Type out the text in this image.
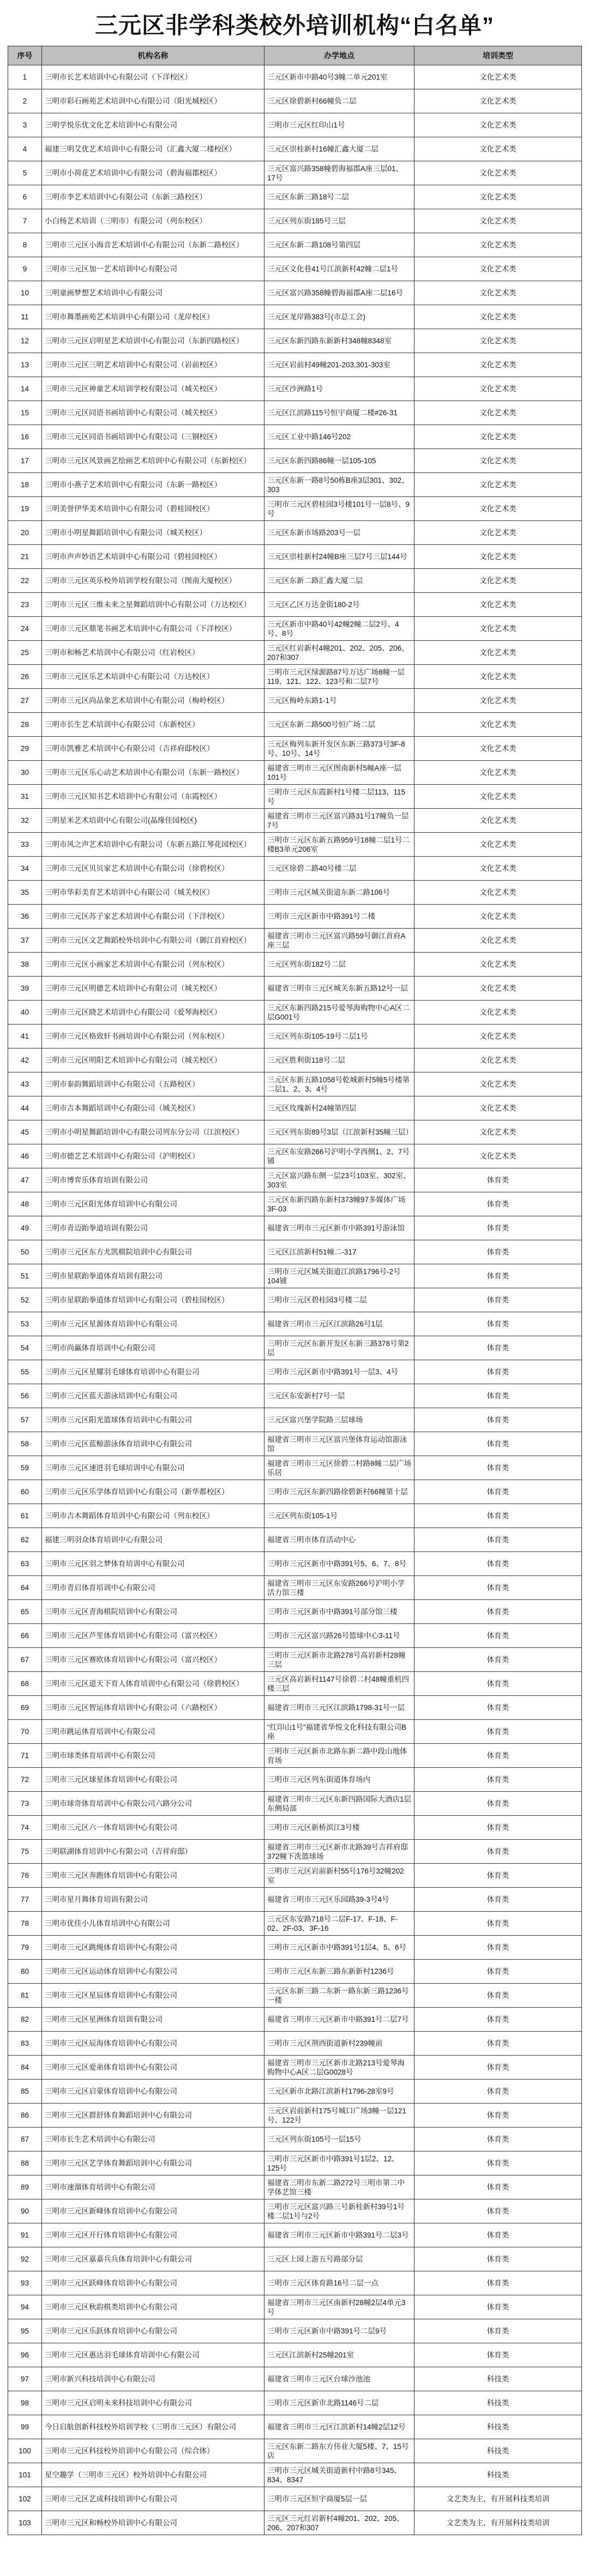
三元区非学科类校外培训机构“白名单”
序号	机构名称	办学地点	培训类型
1	三明市长艺术培训中心有限公司（下洋校区）	三元区新市中路40号3幢二单元201室	文化艺术类
2	三明市彩石画苑艺术培训中心有限公司（阳光城校区）	三元区徐碧新村66幢负二层	文化艺术类
3	三明学悦乐优文化艺术培训中心有限公司	三明市三元区红印山1号	文化艺术类
4	福建三明艾优艺术培训中心有限公司（汇鑫大厦二楼校区）	三元区崇桂新村16幢汇鑫大厦二层	文化艺术类
5	三明市小荷花艺术培训中心有限公司（碧海福郡校区）	三元区富兴路358幢碧海福郡A座三层01、17号	文化艺术类
6	三明市李艺术培训中心有限公司（东新三路校区）	三元区东新三路18号二层	文化艺术类
7	小白杨艺术培训（三明市）有限公司（列东校区）	三元区列东街185号三层	文化艺术类
8	三明市三元区小海音艺术培训中心有限公司（东新二路校区）	三元区东新二路108号第四层	文化艺术类
9	三明市三元区加一艺术培训中心有限公司	三元区文化巷41号江滨新村42幢二层1号	文化艺术类
10	三明童画梦想艺术培训中心有限公司	三元区富兴路358幢碧海福郡A座二层16号	文化艺术类
11	三明市舞墨画苑艺术培训中心有限公司（龙岸校区）	三元区龙岸路383号(市总工会)	文化艺术类
12	三明市三元区启明星艺术培训中心有限公司（东新四路校区）	三元区东新四路东新新村348幢8348室	文化艺术类
13	三明市三元区三明艺术培训中心有限公司（岩前校区）	三元区岩前村49幢201-203,301-303室	文化艺术类
14	三明市三元区神童艺术培训学校有限公司（城关校区）	三元区沙洲路1号	文化艺术类
15	三明市三元区同语书画培训中心有限公司（城关校区）	三元区江滨路115号恒宇商厦二楼#26-31	文化艺术类
16	三明市三元区同语书画培训中心有限公司（三钢校区）	三元区工业中路146号202	文化艺术类
17	三明市三元区风景画艺绘画艺术培训中心有限公司（东新校区）	三元区东新四路86幢一层105-105	文化艺术类
18	三明市小燕子艺术培训中心有限公司（东新一路校区）	三元区东新一路8号50栋B座3层301、302、303	文化艺术类
19	三明美誉伊华美术培训中心有限公司（碧桂园校区）	三明市三元区碧桂园3号楼101号一层8号、9号	文化艺术类
20	三明市小明星舞蹈培训中心有限公司（城关校区）	三元区东新市场路203号一层	文化艺术类
21	三明市声声妙语艺术培训中心有限公司（碧桂园校区）	三元区崇桂新村24幢B座三层7号三层144号	文化艺术类
22	三明市三元区英乐校外培训学校有限公司（图南大厦校区）	三元区东新二路汇鑫大厦二层	文化艺术类
23	三明市三元区三维未来之星舞蹈培训中心有限公司（万达校区）	三元区乙区万达金街180-2号	文化艺术类
24	三明市三元区鼎笔书画艺术培训中心有限公司（下洋校区）	三元区新市中路40号42幢2幢二层2号、4号、8号	文化艺术类
25	三明市和畅艺术培训中心有限公司（红岩校区）	三元区红岩新村4幢201、202、205、206、207和307	文化艺术类
26	三明市三元区乐艺术培训中心有限公司（万达校区）	三明市三元区绿源路87号万达广场8幢一层119、121、122、123号和二层7号	文化艺术类
27	三明市三元区尚品象艺术培训中心有限公司（梅岭校区）	三元区梅岭东路1-1号	文化艺术类
28	三明市长生艺术培训中心有限公司（东新校区）	三元区东新二路500号恒广场二层	文化艺术类
29	三明市凯雅艺术培训中心有限公司（吉祥府邸校区）	三元区梅列东新开发区东新三路373号3F-8号、10号、14号	文化艺术类
30	三明市三元区乐心动艺术培训中心有限公司（东新一路校区）	福建省三明市三元区图南新村5幢A座一层101号	文化艺术类
31	三明市三元区知书艺术培训中心有限公司（东霞校区）	三明市三元区东霞新村1号楼二层113、115号	文化艺术类
32	三明星米艺术培训中心有限公司(晶缘佳园校区)	福建省三明市三元区富兴路31号17幢负一层7号	文化艺术类
33	三明市风之声艺术培训中心有限公司（东新五路江琴花园校区）	三明市三元区东新五路959号18幢二层1号二楼B3单元206室	文化艺术类
34	三明市三元区贝贝家艺术培训中心有限公司（徐碧校区）	三元区徐碧二路40号楼二层	文化艺术类
35	三明市华彩美育艺术培训中心有限公司（城关校区）	三明市三元区城关街道东新二路106号	文化艺术类
36	三明市三元区苏子家艺术培训中心有限公司（下洋校区）	三明市三元区新市中路391号二楼	文化艺术类
37	三明市三元区文艺舞蹈校外培训中心有限公司（御江首府校区）	福建省三明市三元区富兴路59号御江首府A座三层	文化艺术类
38	三明市三元区小画家艺术培训中心有限公司（列东校区）	三元区列东街182号二层	文化艺术类
39	三明市三元区明德艺术培训中心有限公司（城关校区）	福建省三明市三元区城关东新五路12号一层	文化艺术类
40	三明市三元区晓艺术培训中心有限公司（爱琴海校区）	三元区东新四路215号爱琴海购物中心A区二层G001号	文化艺术类
41	三明市三元区格致轩书画培训中心有限公司（列东校区）	三元区列东街105-19号二层1号	文化艺术类
42	三明市三元区明阳艺术培训中心有限公司（城关校区）	三元区胜利街118号二层	文化艺术类
43	三明市泰韵舞蹈培训中心有限公司（五路校区）	三元区东新五路1058号乾城新村5幢5号楼第二层1、2、3、4号	文化艺术类
44	三明市吉本舞蹈培训中心有限公司（城关校区）	三元区玫瑰新村24幢第四层	文化艺术类
45	三明市小明星舞蹈培训中心有限公司列东分公司（江滨校区）	三元区列东街89号3层（江滨新村35幢三层）	文化艺术类
46	三明市德艺艺术培训中心有限公司（沪明校区）	三元区东安路266号沪明小学西侧1、2、7号铺	文化艺术类
47	三明市博弈乐体育培训有限公司	三元区富兴路东侧一层23号103室、302室、303室	体育类
48	三明市三元区阳光体育培训中心有限公司	三元区东新四路东新村373幢97多媒体广场3F-03	体育类
49	三明市青迈跆拳道培训有限公司	福建省三明市三元区新市中路391号游泳馆	体育类
50	三明市三元区东方尤凯棋院培训中心有限公司	三元区江滨新村51幢二-317	体育类
51	三明市星联跆拳道体育培训有限公司	三明市三元区城关街道江滨路1796号-2号104铺	体育类
52	三明市星联跆拳道体育培训中心有限公司（碧桂园校区）	三明市三元区碧桂园3号楼二层	体育类
53	三明市三元区星源体育培训中心有限公司	福建省三明市三元区江滨路26号1层	体育类
54	三明市尚赢体育培训中心有限公司	三明市三元区东新开发区东新三路378号第2层	体育类
55	三明市三元区星耀羽毛球体育培训中心有限公司	三明市三元区新市中路391号一层3、4号	体育类
56	三明市三元区蓝天游泳培训中心有限公司	三元区东安新村7号一层	体育类
57	三明市三元区阳光篮球体育培训中心有限公司	三元区富兴堡学院路三层球场	体育类
58	三明市三元区蓝鲸游泳体育培训中心有限公司	福建省三明市三元区富兴堡体育运动馆游泳馆	体育类
59	三明市三元区速进羽毛球培训中心有限公司	福建省三明市三元区徐碧二村路8幢二层广场乐居	体育类
60	三明市三元区乐学体育培训中心有限公司（新华都校区）	三明市三元区东新四路徐碧新村66幢第十层	体育类
61	三明市吉木舞蹈体育培训中心有限公司（列东校区）	三元区列东街105-1号	体育类
62	福建三明羽众体育培训中心有限公司	福建省三明市体育活动中心	体育类
63	三明市三元区羽之梦体育培训中心有限公司	三明市三元区新市中路391号5、6、7、8号	体育类
64	三明市青启体育培训中心有限公司	福建省三明市三元区东安路266号沪明小学活力馆三楼	体育类
65	三明市三元区青海棋院培训中心有限公司	三明市三元区新市中路391号部分馆三楼	体育类
66	三明市三元区芦笙体育培训中心有限公司（富兴校区）	三明市三元区富兴路26号篮球中心3-11号	体育类
67	三明市三元区赛欧体育培训中心有限公司（富兴校区）	三明市三元区新市北路278号高岩新村28幢三层	体育类
68	三明市三元区道天下育人体育培训中心有限公司（徐碧校区）	三元区高岩新村1147号徐碧二村48幢重机四楼三层	体育类
69	三明市三元区智运体育培训中心有限公司（六路校区）	福建省三明市三元区江滨路1798-31号一层	体育类
70	三明市跳运体育培训中心有限公司	“红印山1号”福建省华悦文化科技有限公司B座	体育类
71	三明市球类体育培训中心有限公司	三明市三元区新市北路东新二路中段山地体育场	体育类
72	三明市三元区球星体育培训中心有限公司	三明市三元区列东街道体育场内	体育类
73	三明市球奇体育培训中心有限公司六路分公司	福建省三明市三元区东新四路国际大酒店1层东侧局部	体育类
74	三明市三元区六一体育培训中心有限公司	三明市三元区新桥滨江3号楼	体育类
75	三明联湖体育培训中心有限公司（吉祥府邸）	福建省三明市三元区新市北路39号吉祥府邸372幢下洗篮球场	体育类
76	三明市三元区奔跑体育培训中心有限公司	三明市三元区岩前新村55号176号32幢202室	体育类
77	三明市星月舞体育培训有限公司	福建省三明市三元区乐园路39-3号4号	体育类
78	三明市优佳小儿体育培训中心有限公司	三元区东安路718号二层F-17、F-18、F-02、2F-03、3F-16	体育类
79	三明市三元区跳绳体育培训中心有限公司	三明市三元区新市中路391号1层4、5、6号	体育类
80	三明市三元区运动体育培训中心有限公司	三明市三元区东新三路东新新村1236号	体育类
81	三明市三元区星辰体育培训中心有限公司	三元区东新三路二东新一路东新三路1236号一楼	体育类
82	三明市三元区星洲体育培训有限公司	福建省三明市三元区新市中路391号二层7号	体育类
83	三明市三元区辰海体育培训中心有限公司	三明市三元区荆西街道新村239幢前	体育类
84	三明市三元区爱弟体育培训中心有限公司	福建省三明市三元区新市北路213号爱琴海购物中心A区二层G0028号	体育类
85	三明市三元区启蒙体育培训中心有限公司	三元区新市北路江滨新村1796-28室9号	体育类
86	三明市三元区群舒体育舞蹈培训中心有限公司	三元区岩前新村175号城口广场3幢一层121号、122号	体育类
87	三明市长生艺术培训中心有限公司	三元区列东街105号一层15号	体育类
88	三明市三元区艺学体育舞蹈培训中心有限公司	三明市三元区新市中路391号1层2、12、125号	体育类
89	三明市速溜体育培训中心有限公司	福建省三明市东新二路272号三明市第二中学体艺馆三楼	体育类
90	三明市三元区新峰体育培训中心有限公司	三明市三元区富兴路三号新桂新村39号1号楼二层1号与2号	体育类
91	三明市三元区开行体育培训中心有限公司	福建省三明市三元区新市中路391号二层3号	体育类
92	三明市三元区嘉嘉兵兵体育培训中心有限公司	三元区上园上游五号路部分层	体育类
93	三明市三元区跃峰体育培训中心有限公司	三明市三元区体育路16号二层一点	体育类
94	三明市三元区秋韵棋类培训中心有限公司	福建省三明市三元区南新村28幢2层4单元3号	体育类
95	三明市三元区乐跃体育培训中心有限公司	三明市三元区新市中路391号二层9号	体育类
96	三明市三元区惠达羽毛球体育培训中心有限公司	三元区江滨新村25幢201室	体育类
97	三明市新兴科技培训中心有限公司	福建省三明市三元区台球沙池池	科技类
98	三明市三元区启明未来科技培训中心有限公司	三明市三元区新市北路1146号二层	科技类
99	今日启航创新科技校外培训学校（三明市三元区）有限公司	福建省三明市三元区江滨新村14幢2层12号	科技类
100	三明市三元区科技校外培训中心有限公司（综合体）	三元区东新二路东方伟业大厦5楼、7、15号店	科技类
101	星空趣学（三明市三元区）校外培训中心有限公司	三明市三元区城关街道新村中路8号345、834、8347	科技类
102	三明市三元区艺成科技培训中心有限公司	三明市三元区恒宇商厦5层一层	文艺类为主，有开展科技类培训
103	三明市三元区和畅校外培训中心有限公司	三元区三元红岩新村4幢201、202、205、206、207和307	文艺类为主，有开展科技类培训
